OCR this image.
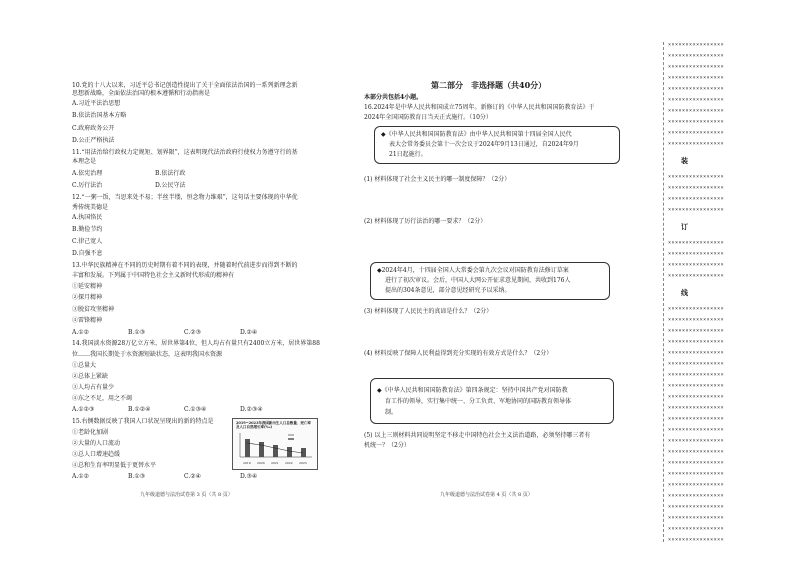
10.党的十八大以来，习近平总书记创造性提出了关于全面依法治国的一系列新理念新
思想新战略，全面依法治国的根本遵循和行动指南是
A.习近平法治思想
B.依法治国基本方略
C.政府政务公开
D.公正严格执法
11.“用法治给行政权力定规矩、划界限”，这表明现代法治政府行使权力务遵守行的基
本理念是
A.依宪治理	B.依法行政
C.厉行法治	D.公民守法
12.“一粥一饭，当思来处不易；半丝半缕，恒念物力维艰”，这句话主要体现的中华优
秀传统美德是
A.执国恪民
B.勤俭节约
C.律己宽人
D.自强不息
13.中华民族精神在不同的历史时期有着不同的表现，并随着时代前进步而得到不断的
丰富和发展。下列属于中国特色社会主义新时代形成的精神有
①延安精神
②探月精神
③脱贫攻坚精神
④雷锋精神
A.①②	B.①③	C.②③	D.②④
14.我国淡水资源28万亿立方米，居世界第4位，但人均占有量只有2400立方米，居世界第88
位……我国长期处于水资源短缺状态，这表明我国水资源
①总量大
②总体上紧缺
③人均占有量少
④东之不足，用之不竭
A.①②③	B.①②④	C.①③④	D.②③④
15.右侧数据反映了我国人口状况呈现出的新的特点是
①老龄化加剧
②大量的人口流动
③总人口增速趋缓
④总和生育率明显低于更替水平
A.①②	B.①③	C.②④	D.③④
2019~2023年我国新出生人口总数量、死亡率及人口自然增长率(‰)
2019 2020 2021 2022 2023
九年级道德与法治试卷第 3 页（共 8 页）
第二部分　非选择题（共40分）
本部分共包括4小题。
16.2024年是中华人民共和国成立75周年。新修订的《中华人民共和国国防教育法》于
2024年全国国防教育日当天正式施行。（10分）
◆《中华人民共和国国防教育法》由中华人民共和国第十四届全国人民代
表大会常务委员会第十一次会议于2024年9月13日通过，自2024年9月
21日起施行。
(1) 材料体现了社会主义民主的哪一制度保障？（2分）
(2) 材料体现了厉行法治的哪一要求？（2分）
◆2024年4月，十四届全国人大常委会第九次会议对国防教育法修订草案
进行了初次审议。会后，中国人大网公开征求意见期间，共收到176人
提出的304条意见，部分意见经研究予以采纳。
(3) 材料体现了人民民主的真谛是什么？（2分）
(4) 材料反映了保障人民利益得到充分实现的有效方式是什么？（2分）
◆《中华人民共和国国防教育法》第四条规定：坚持中国共产党对国防教
育工作的领导，实行集中统一、分工负责、军地协同的国防教育领导体
制。
(5) 以上三则材料共同说明坚定不移走中国特色社会主义法治道路，必须坚持哪三者有
机统一？（2分）
九年级道德与法治试卷第 4 页（共 8 页）
××××××××××××××××
××××××××××××××××
××××××××××××××××
××××××××××××××××
××××××××××××××××
××××××××××××××××
××××××××××××××××
××××××××××××××××
××××××××××××××××
××××××××××××××××
××××××××××××××××
××××××××××××××××
××××××××××××××××
××××××××××××××××
××××××××××××××××
××××××××××××××××
××××××××××××××××
××××××××××××××××
××××××××××××××××
××××××××××××××××
××××××××××××××××
××××××××××××××××
××××××××××××××××
××××××××××××××××
××××××××××××××××
××××××××××××××××
××××××××××××××××
××××××××××××××××
××××××××××××××××
××××××××××××××××
××××××××××××××××
××××××××××××××××
××××××××××××××××
××××××××××××××××
××××××××××××××××
××××××××××××××××
××××××××××××××××
××××××××××××××××
××××××××××××××××
××××××××××××××××
装
订
线
